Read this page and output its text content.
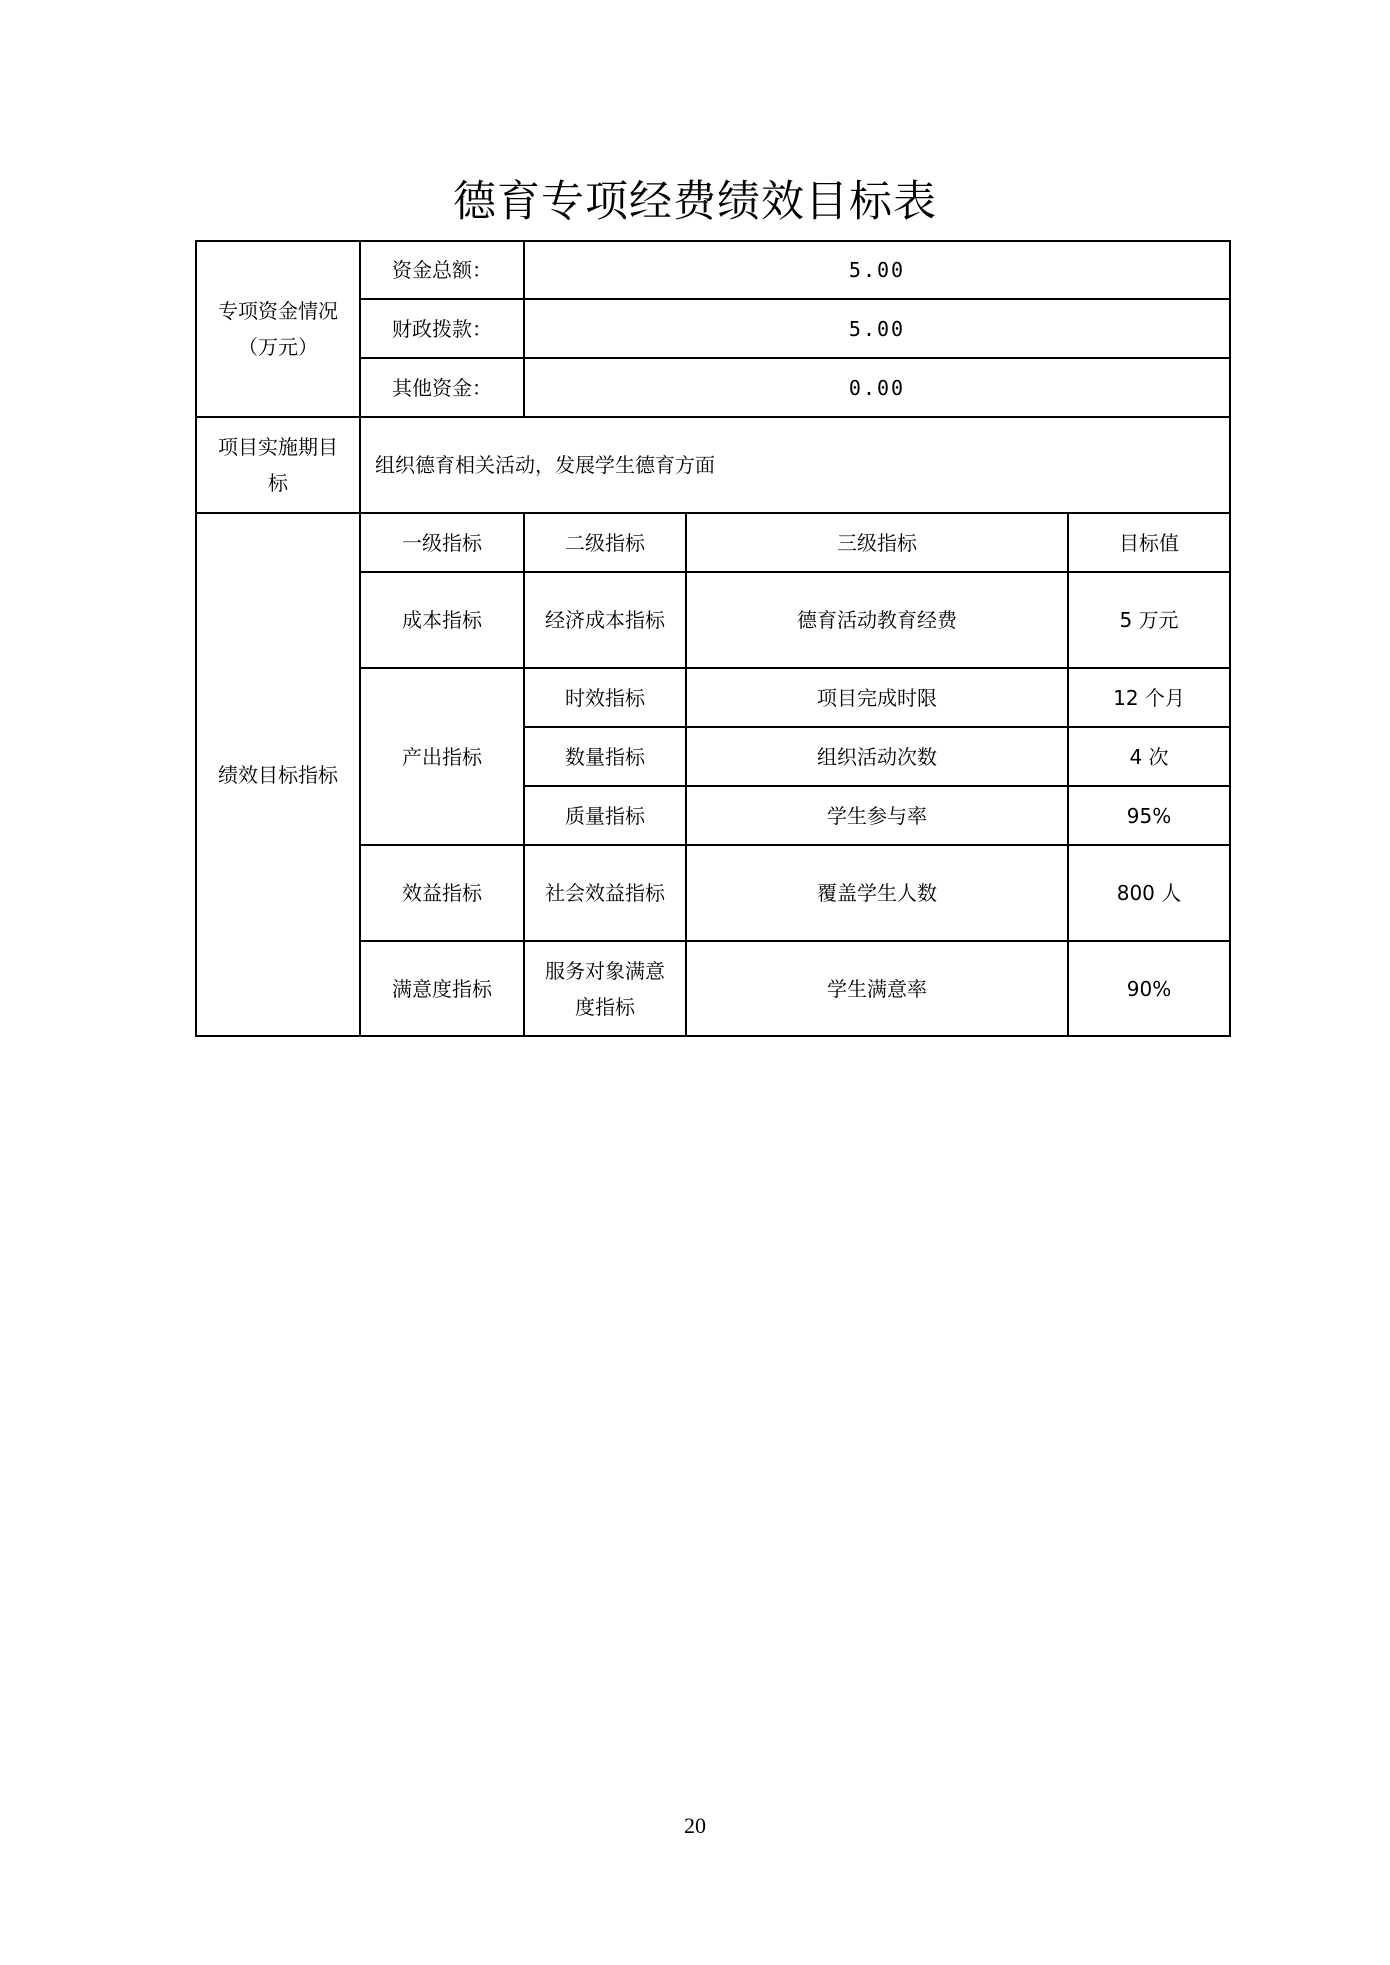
德育专项经费绩效目标表
专项资金情况（万元）	资金总额：	5.00		
	财政拨款：	5.00		
	其他资金：	0.00		
项目实施期目标	组织德育相关活动，发展学生德育方面			
绩效目标指标	一级指标	二级指标	三级指标	目标值
	成本指标	经济成本指标	德育活动教育经费	5 万元
	产出指标	时效指标	项目完成时限	12 个月
		数量指标	组织活动次数	4 次
		质量指标	学生参与率	95%
	效益指标	社会效益指标	覆盖学生人数	800 人
	满意度指标	服务对象满意度指标	学生满意率	90%
20
